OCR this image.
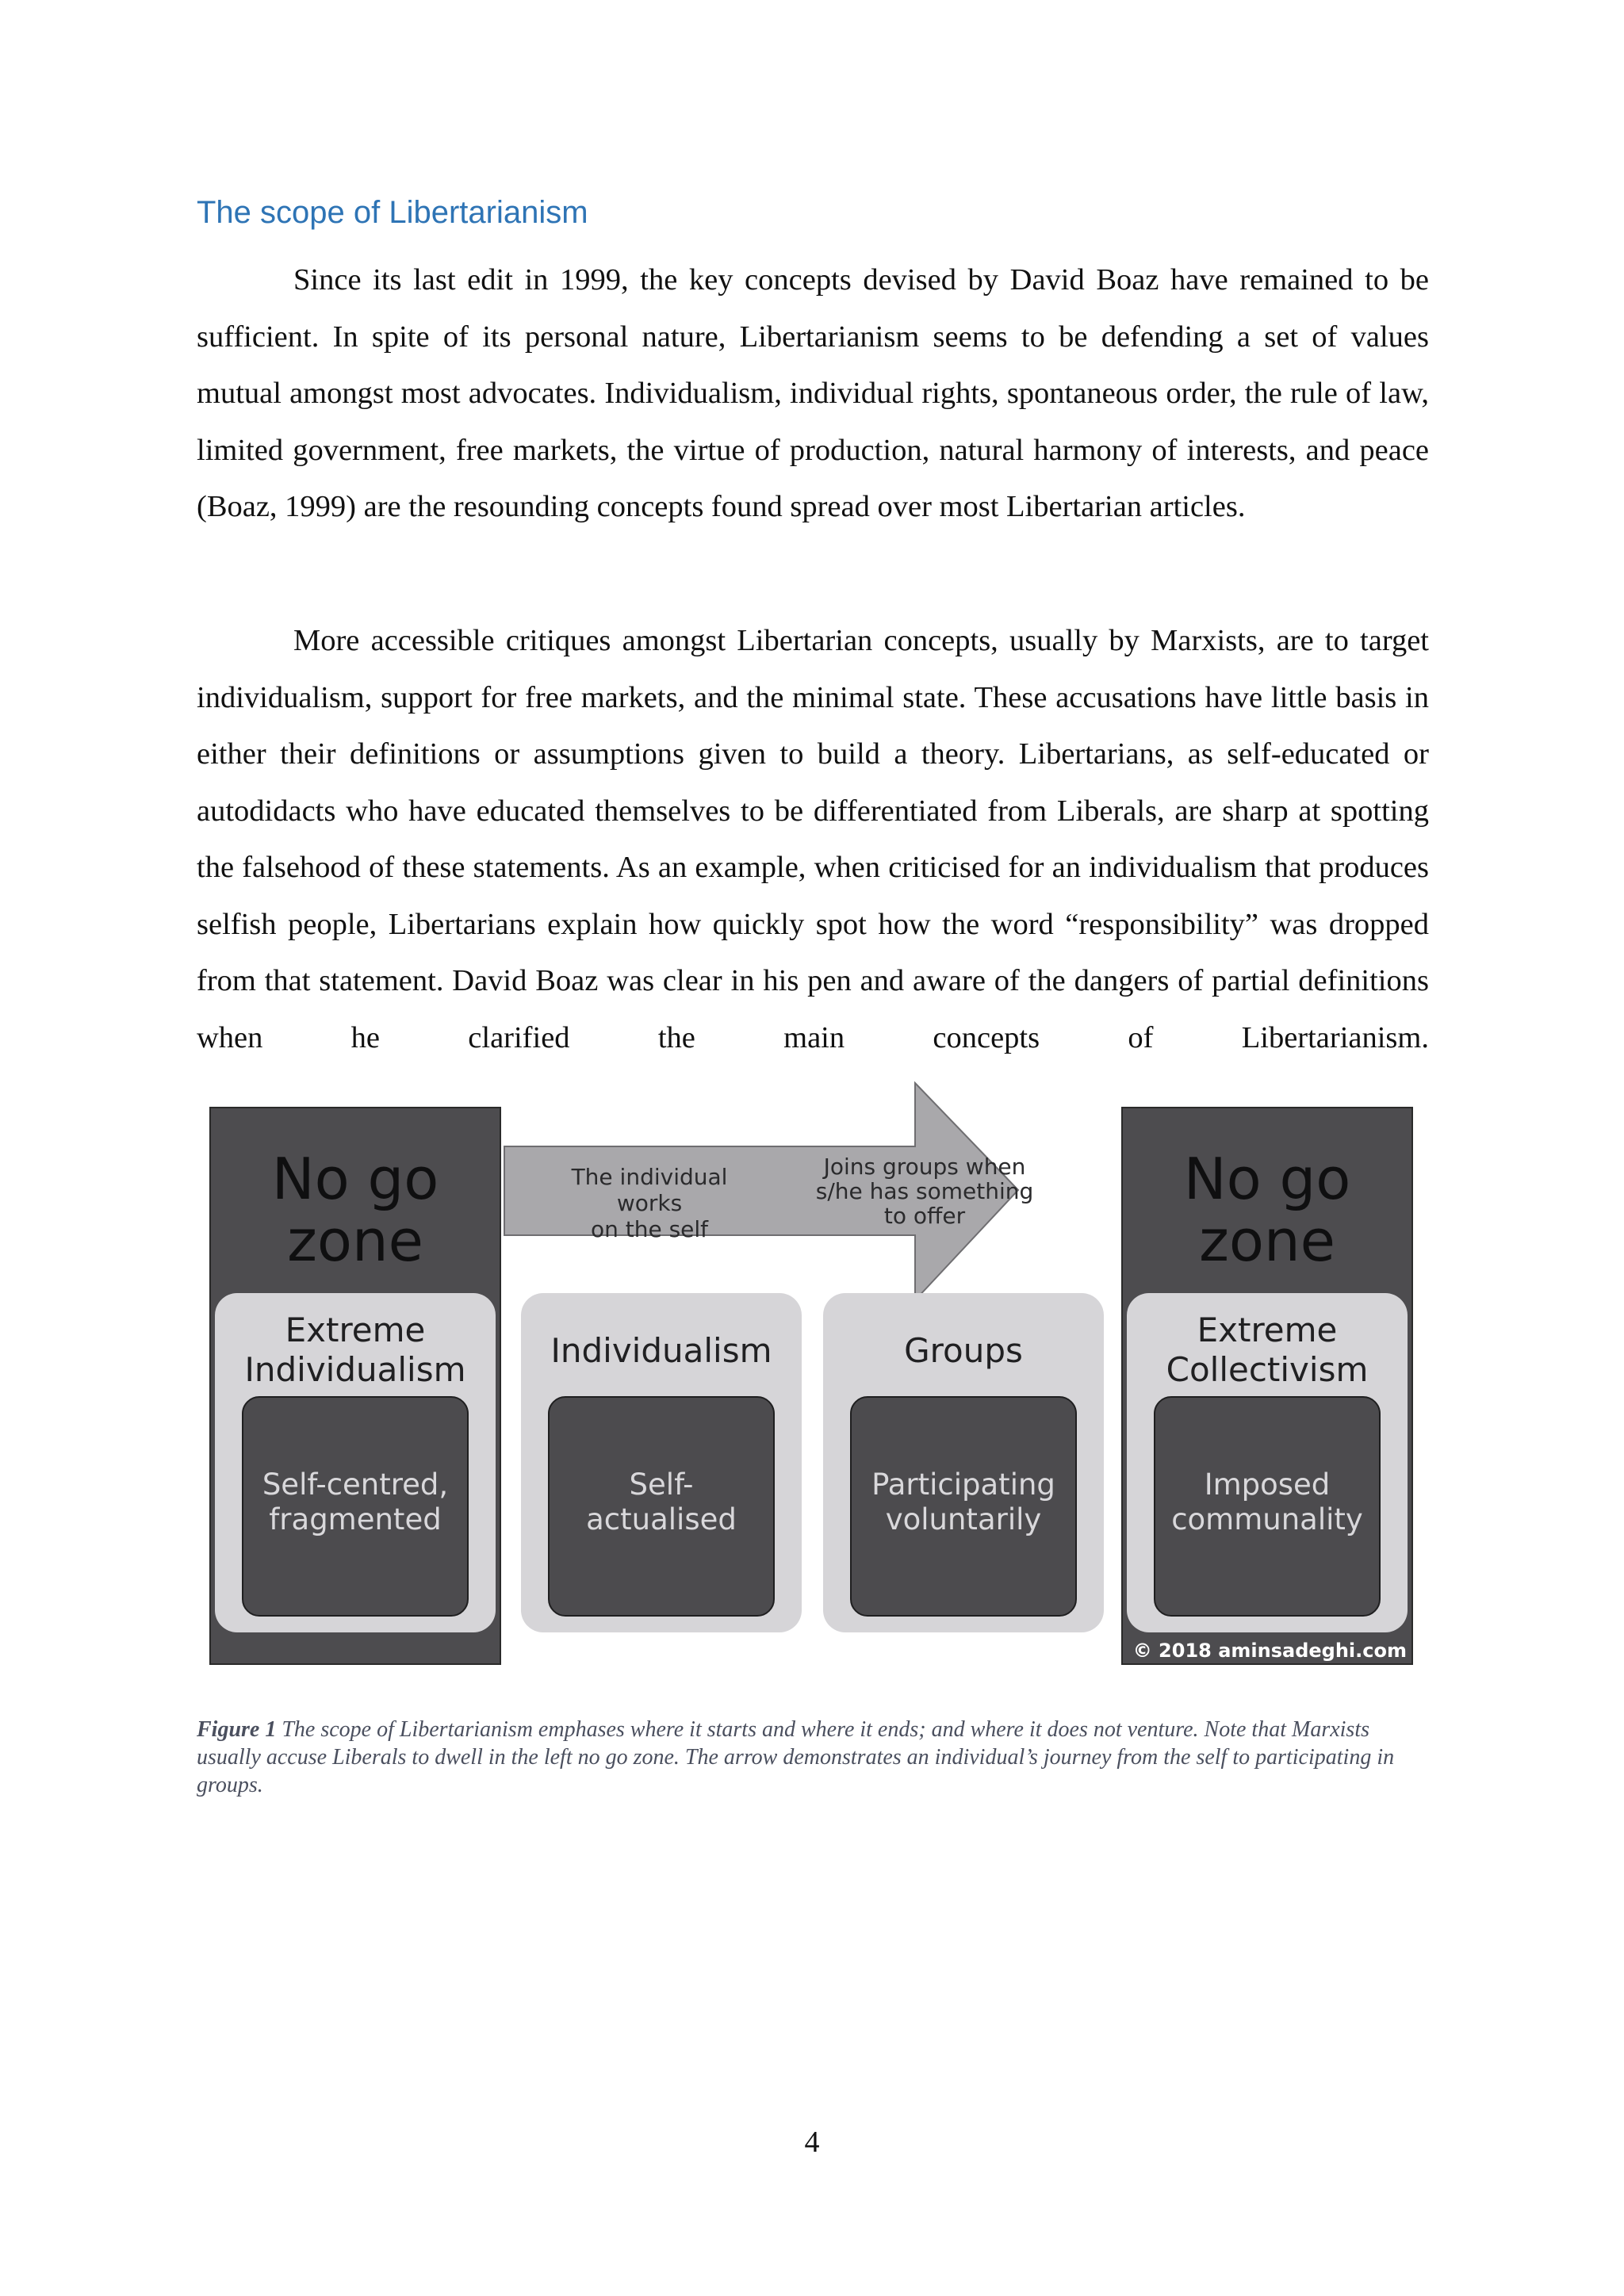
The scope of Libertarianism

Since its last edit in 1999, the key concepts devised by David Boaz have remained to be sufficient. In spite of its personal nature, Libertarianism seems to be defending a set of values mutual amongst most advocates. Individualism, individual rights, spontaneous order, the rule of law, limited government, free markets, the virtue of production, natural harmony of interests, and peace (Boaz, 1999) are the resounding concepts found spread over most Libertarian articles.

More accessible critiques amongst Libertarian concepts, usually by Marxists, are to target individualism, support for free markets, and the minimal state. These accusations have little basis in either their definitions or assumptions given to build a theory. Libertarians, as self-educated or autodidacts who have educated themselves to be differentiated from Liberals, are sharp at spotting the falsehood of these statements. As an example, when criticised for an individualism that produces selfish people, Libertarians explain how quickly spot how the word “responsibility” was dropped from that statement. David Boaz was clear in his pen and aware of the dangers of partial definitions when he clarified the main concepts of Libertarianism.

No go
zone
No go
zone
© 2018 aminsadeghi.com
The individual works
on the self
Joins groups when
s/he has something
to offer
Extreme
Individualism
Self-centred,
fragmented
Individualism
Self-
actualised
Groups
Participating
voluntarily
Extreme
Collectivism
Imposed
communality

Figure 1 The scope of Libertarianism emphases where it starts and where it ends; and where it does not venture. Note that Marxists usually accuse Liberals to dwell in the left no go zone. The arrow demonstrates an individual’s journey from the self to participating in groups.

4
